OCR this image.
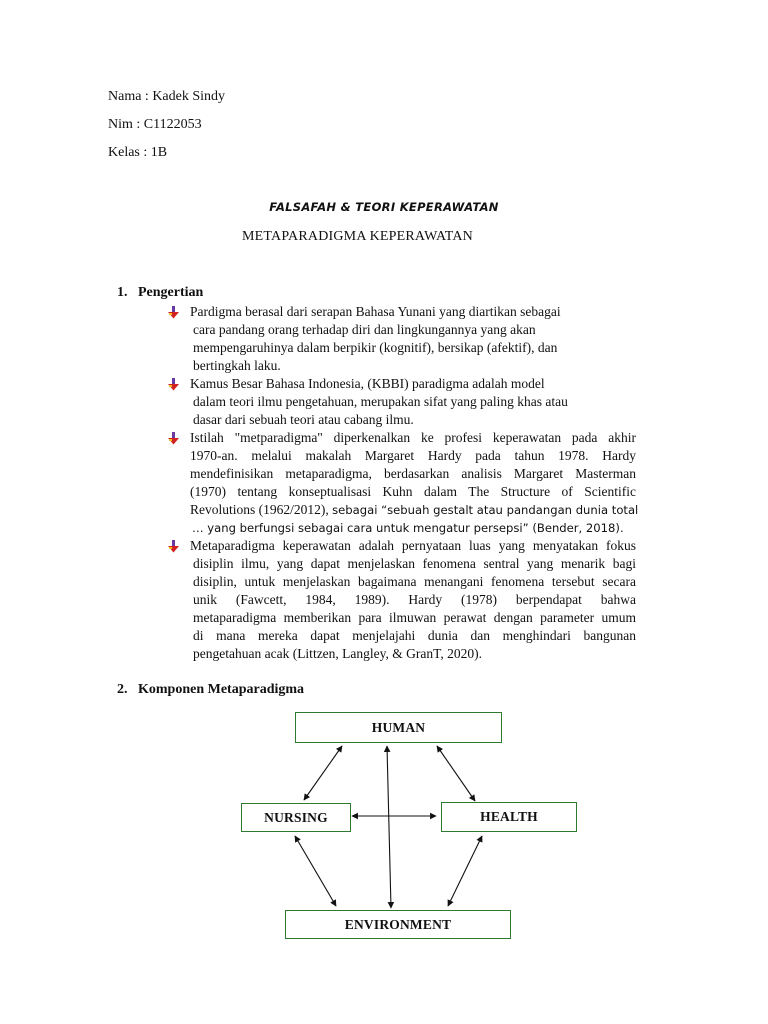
Nama : Kadek Sindy
Nim : C1122053
Kelas : 1B
FALSAFAH & TEORI KEPERAWATAN
METAPARADIGMA KEPERAWATAN
1.   Pengertian
Pardigma berasal dari serapan Bahasa Yunani yang diartikan sebagai
cara pandang orang terhadap diri dan lingkungannya yang akan
mempengaruhinya dalam berpikir (kognitif), bersikap (afektif), dan
bertingkah laku.
Kamus Besar Bahasa Indonesia, (KBBI) paradigma adalah model
dalam teori ilmu pengetahuan, merupakan sifat yang paling khas atau
dasar dari sebuah teori atau cabang ilmu.
Istilah "metparadigma" diperkenalkan ke profesi keperawatan pada akhir
1970-an. melalui makalah Margaret Hardy pada tahun 1978. Hardy
mendefinisikan metaparadigma, berdasarkan analisis Margaret Masterman
(1970) tentang konseptualisasi Kuhn dalam The Structure of Scientific
Revolutions (1962/2012), sebagai “sebuah gestalt atau pandangan dunia total
… yang berfungsi sebagai cara untuk mengatur persepsi” (Bender, 2018).
Metaparadigma keperawatan adalah pernyataan luas yang menyatakan fokus
disiplin ilmu, yang dapat menjelaskan fenomena sentral yang menarik bagi
disiplin, untuk menjelaskan bagaimana menangani fenomena tersebut secara
unik (Fawcett, 1984, 1989). Hardy (1978) berpendapat bahwa
metaparadigma memberikan para ilmuwan perawat dengan parameter umum
di mana mereka dapat menjelajahi dunia dan menghindari bangunan
pengetahuan acak (Littzen, Langley, & GranT, 2020).
2.   Komponen Metaparadigma
HUMAN
NURSING	HEALTH
ENVIRONMENT
